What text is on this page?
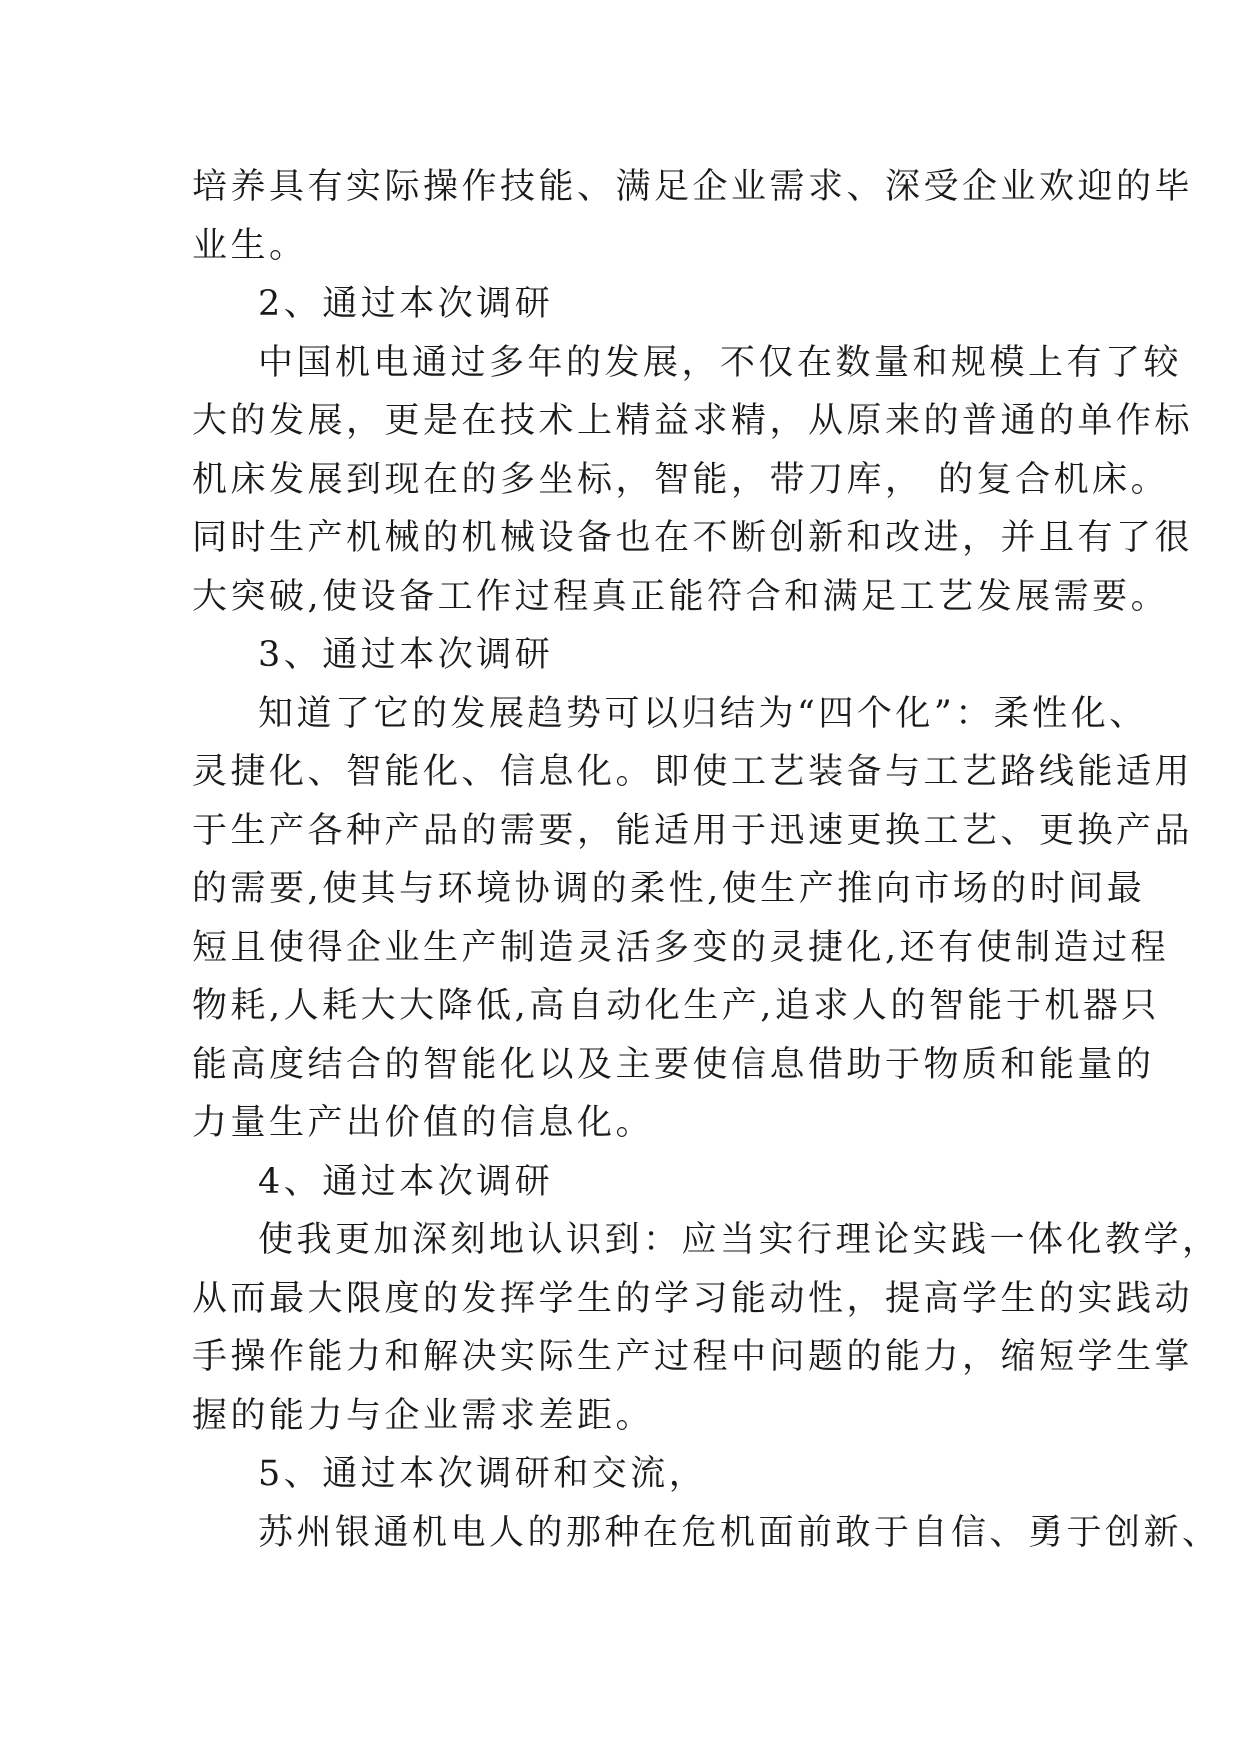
培养具有实际操作技能、满足企业需求、深受企业欢迎的毕
业生。
2、通过本次调研
中国机电通过多年的发展，不仅在数量和规模上有了较
大的发展，更是在技术上精益求精，从原来的普通的单作标
机床发展到现在的多坐标，智能，带刀库， 的复合机床。
同时生产机械的机械设备也在不断创新和改进，并且有了很
大突破,使设备工作过程真正能符合和满足工艺发展需要。
3、通过本次调研
知道了它的发展趋势可以归结为“四个化”：柔性化、
灵捷化、智能化、信息化。即使工艺装备与工艺路线能适用
于生产各种产品的需要，能适用于迅速更换工艺、更换产品
的需要,使其与环境协调的柔性,使生产推向市场的时间最
短且使得企业生产制造灵活多变的灵捷化,还有使制造过程
物耗,人耗大大降低,高自动化生产,追求人的智能于机器只
能高度结合的智能化以及主要使信息借助于物质和能量的
力量生产出价值的信息化。
4、通过本次调研
使我更加深刻地认识到：应当实行理论实践一体化教学，
从而最大限度的发挥学生的学习能动性，提高学生的实践动
手操作能力和解决实际生产过程中问题的能力，缩短学生掌
握的能力与企业需求差距。
5、通过本次调研和交流，
苏州银通机电人的那种在危机面前敢于自信、勇于创新、
